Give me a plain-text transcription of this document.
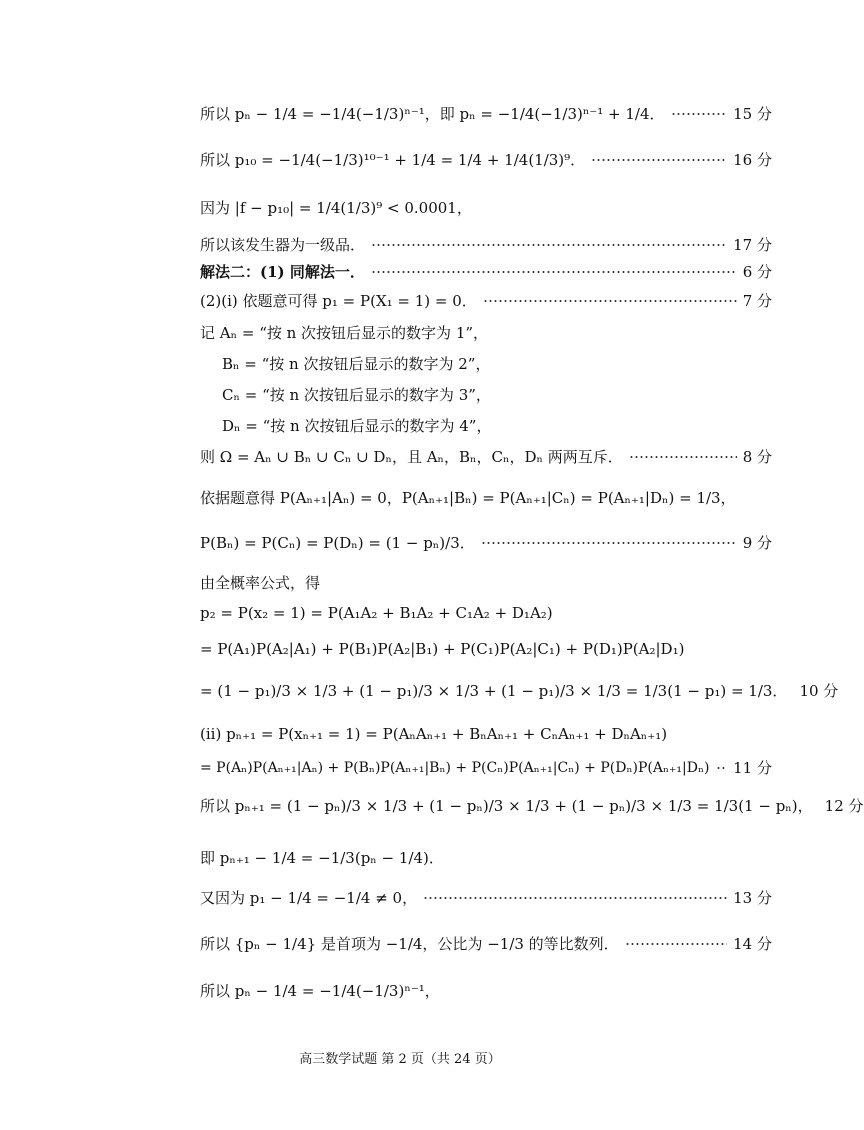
所以 pₙ − 1/4 = −1/4(−1/3)ⁿ⁻¹，即 pₙ = −1/4(−1/3)ⁿ⁻¹ + 1/4．	15 分
所以 p₁₀ = −1/4(−1/3)¹⁰⁻¹ + 1/4 = 1/4 + 1/4(1/3)⁹．	16 分
因为 |f − p₁₀| = 1/4(1/3)⁹ < 0.0001，
所以该发生器为一级品．	17 分
解法二：(1) 同解法一．	6 分
(2)(i) 依题意可得 p₁ = P(X₁ = 1) = 0．	7 分
记 Aₙ = “按 n 次按钮后显示的数字为 1”，
Bₙ = “按 n 次按钮后显示的数字为 2”，
Cₙ = “按 n 次按钮后显示的数字为 3”，
Dₙ = “按 n 次按钮后显示的数字为 4”，
则 Ω = Aₙ ∪ Bₙ ∪ Cₙ ∪ Dₙ，且 Aₙ，Bₙ，Cₙ，Dₙ 两两互斥．	8 分
依据题意得 P(Aₙ₊₁|Aₙ) = 0，P(Aₙ₊₁|Bₙ) = P(Aₙ₊₁|Cₙ) = P(Aₙ₊₁|Dₙ) = 1/3，
P(Bₙ) = P(Cₙ) = P(Dₙ) = (1 − pₙ)/3．	9 分
由全概率公式，得
p₂ = P(x₂ = 1) = P(A₁A₂ + B₁A₂ + C₁A₂ + D₁A₂)
= P(A₁)P(A₂|A₁) + P(B₁)P(A₂|B₁) + P(C₁)P(A₂|C₁) + P(D₁)P(A₂|D₁)
= (1 − p₁)/3 × 1/3 + (1 − p₁)/3 × 1/3 + (1 − p₁)/3 × 1/3 = 1/3(1 − p₁) = 1/3． 10 分
(ii) pₙ₊₁ = P(xₙ₊₁ = 1) = P(AₙAₙ₊₁ + BₙAₙ₊₁ + CₙAₙ₊₁ + DₙAₙ₊₁)
= P(Aₙ)P(Aₙ₊₁|Aₙ) + P(Bₙ)P(Aₙ₊₁|Bₙ) + P(Cₙ)P(Aₙ₊₁|Cₙ) + P(Dₙ)P(Aₙ₊₁|Dₙ) 11 分
所以 pₙ₊₁ = (1 − pₙ)/3 × 1/3 + (1 − pₙ)/3 × 1/3 + (1 − pₙ)/3 × 1/3 = 1/3(1 − pₙ)， 12 分
即 pₙ₊₁ − 1/4 = −1/3(pₙ − 1/4)．
又因为 p₁ − 1/4 = −1/4 ≠ 0，	13 分
所以 {pₙ − 1/4} 是首项为 −1/4，公比为 −1/3 的等比数列．	14 分
所以 pₙ − 1/4 = −1/4(−1/3)ⁿ⁻¹，
高三数学试题 第 2 页（共 24 页）
